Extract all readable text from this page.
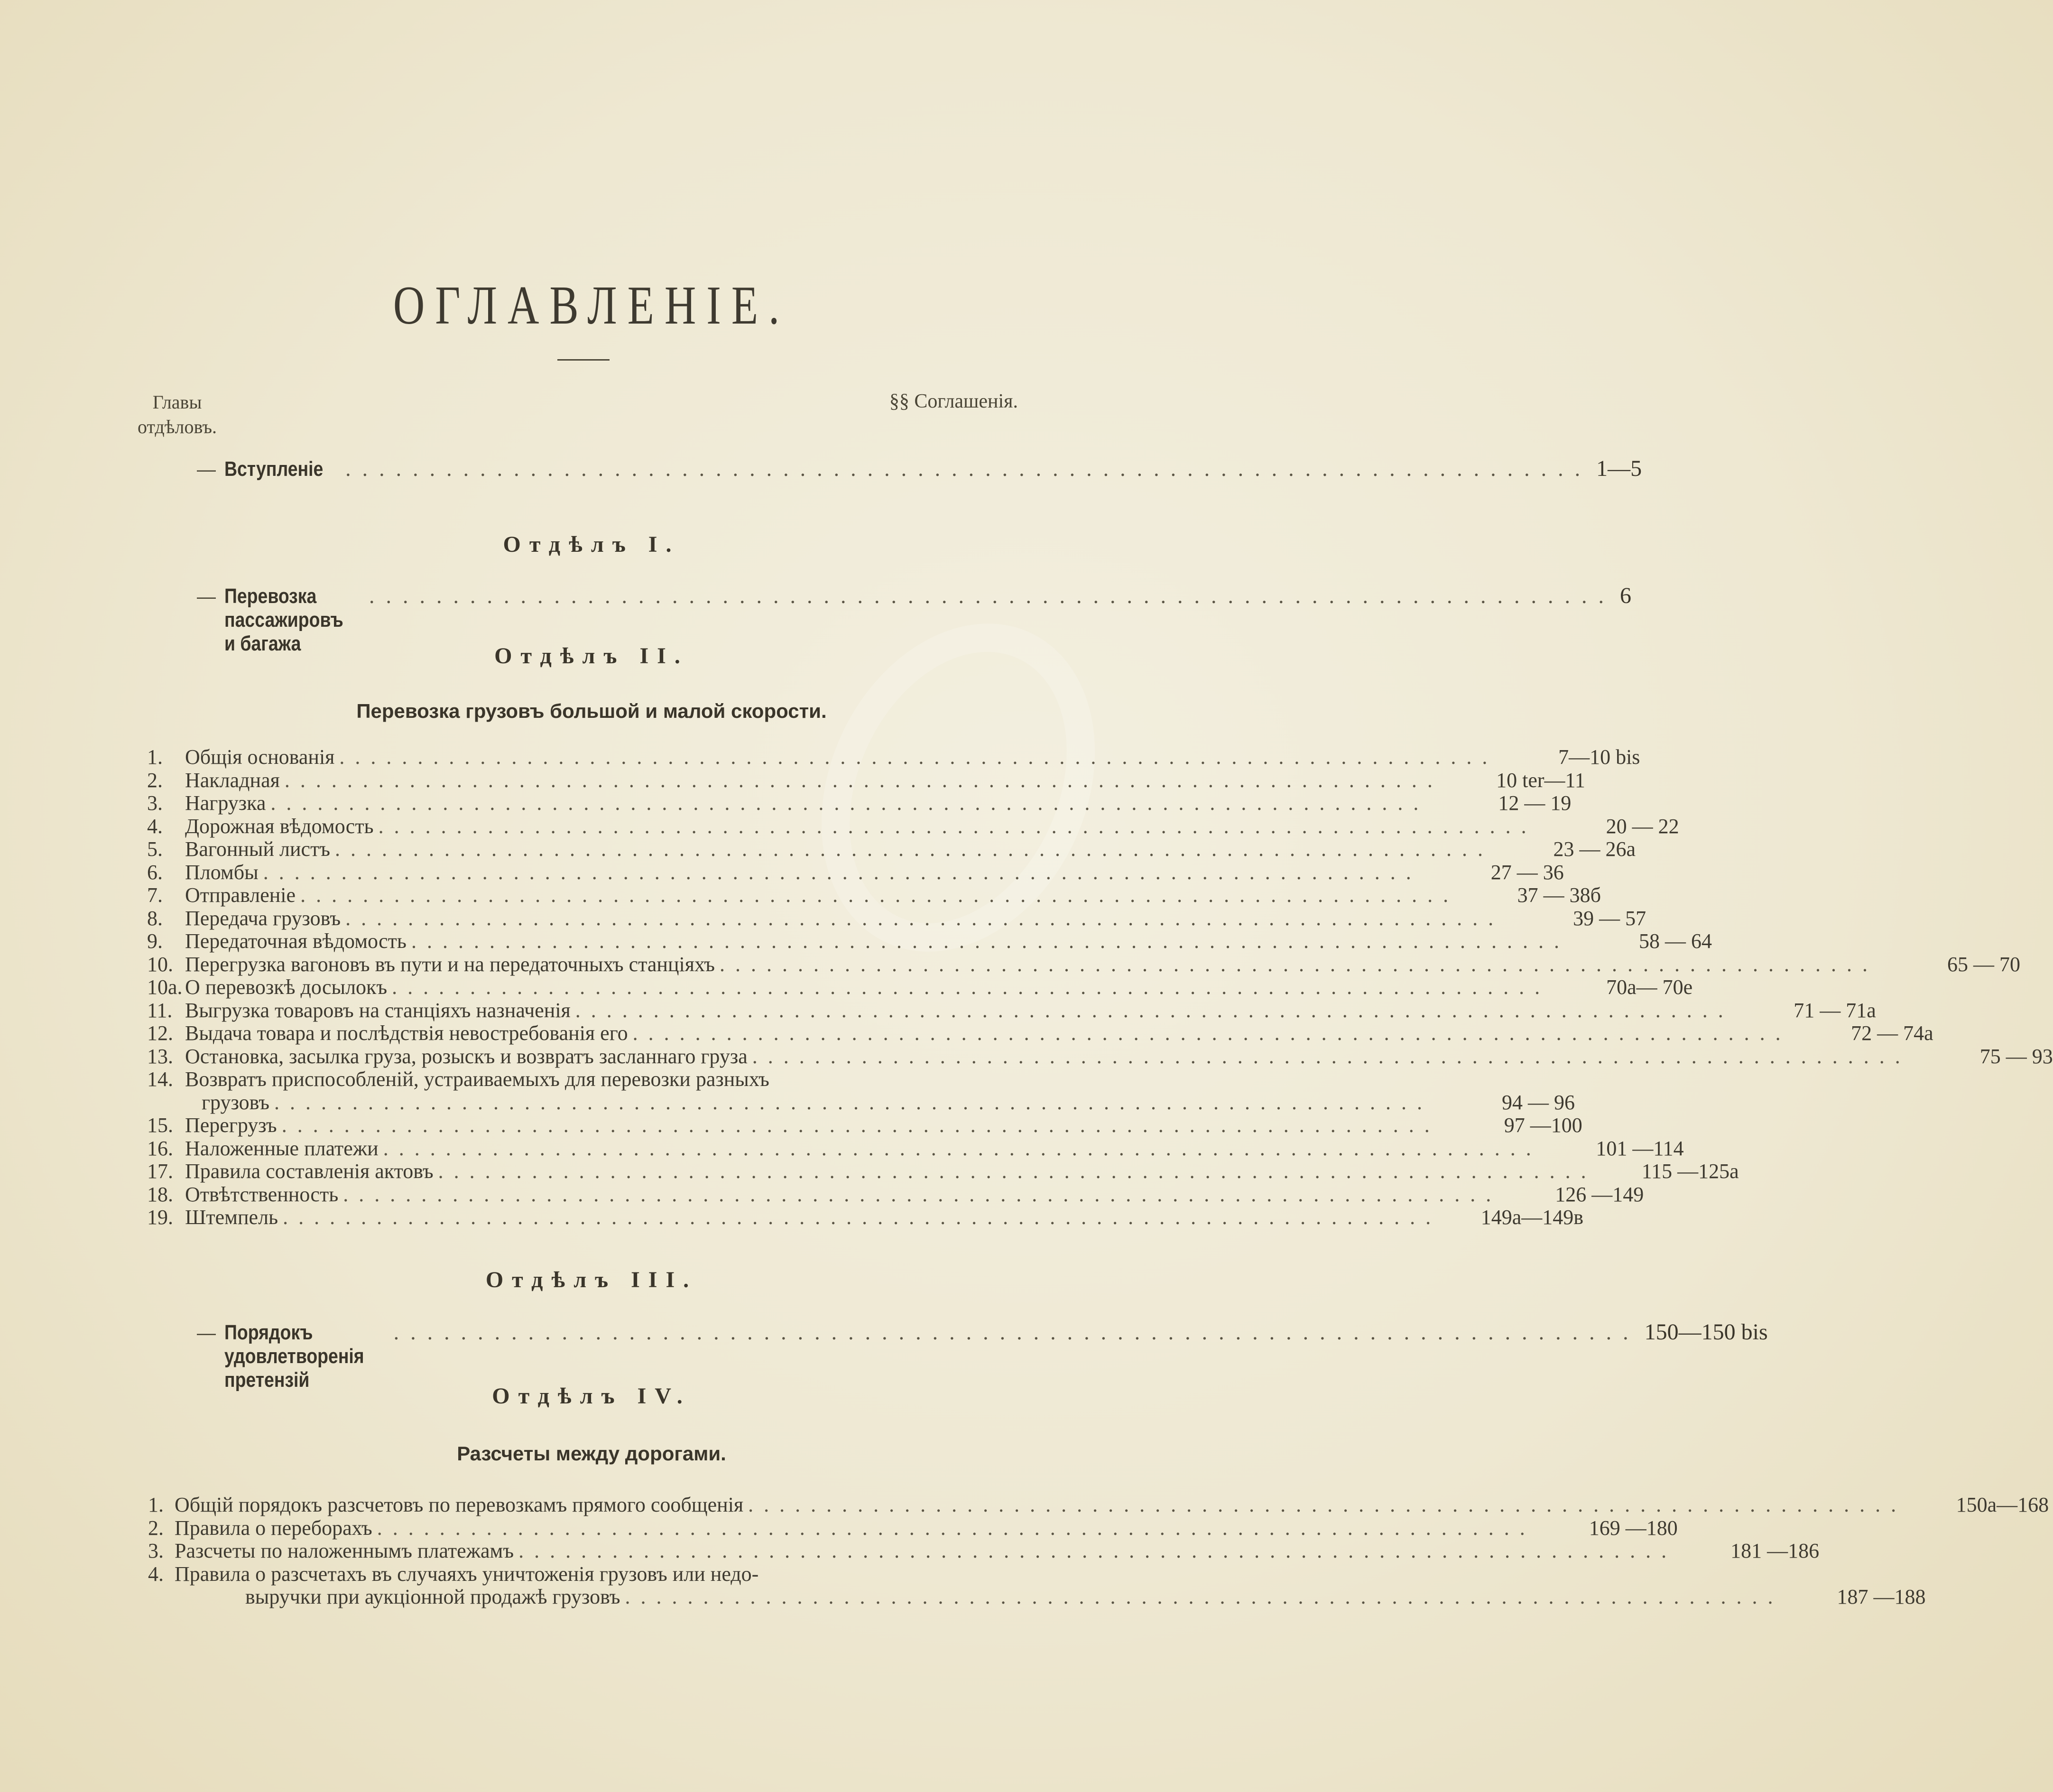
ОГЛАВЛЕНІЕ.
Главы
отдѣловъ.
§§ Соглашенія.
— Вступленіе .......................................................................... 1—5
Отдѣлъ I.
— Перевозка пассажировъ и багажа
.......................................................................... 6
Отдѣлъ II.
Перевозка грузовъ большой и малой скорости.
1.	Общія основанія ..........................................................................	7—10 bis
2.	Накладная ..........................................................................	10 ter—11
3.	Нагрузка ..........................................................................	12 — 19
4.	Дорожная вѣдомость ..........................................................................	20 — 22
5.	Вагонный листъ ..........................................................................	23 — 26а
6.	Пломбы ..........................................................................	27 — 36
7.	Отправленіе ..........................................................................	37 — 38б
8.	Передача грузовъ ..........................................................................	39 — 57
9.	Передаточная вѣдомость ..........................................................................	58 — 64
10. Перегрузка вагоновъ въ пути и на передаточныхъ станціяхъ ..........................................................................	65 — 70
10а. О перевозкѣ досылокъ ..........................................................................	70а— 70е
11. Выгрузка товаровъ на станціяхъ назначенія ..........................................................................	71 — 71а
12. Выдача товара и послѣдствія невостребованія его ..........................................................................	72 — 74а
13. Остановка, засылка груза, розыскъ и возвратъ засланнаго груза ..........................................................................	75 — 93
14. Возвратъ приспособленій, устраиваемыхъ для перевозки разныхъ
грузовъ ..........................................................................	94 — 96
15. Перегрузъ ..........................................................................	97 —100
16. Наложенные платежи ..........................................................................	101 —114
17. Правила составленія актовъ ..........................................................................	115 —125а
18. Отвѣтственность ..........................................................................	126 —149
19. Штемпель ..........................................................................	149а—149в
Отдѣлъ III.
— Порядокъ удовлетворенія претензій
.......................................................................... 150—150 bis
Отдѣлъ IV.
Разсчеты между дорогами.
1. Общій порядокъ разсчетовъ по перевозкамъ прямого сообщенія ..........................................................................	150а—168
2. Правила о переборахъ ..........................................................................	169 —180
3. Разсчеты по наложеннымъ платежамъ ..........................................................................	181 —186
4. Правила о разсчетахъ въ случаяхъ уничтоженія грузовъ или недо-
выручки при аукціонной продажѣ грузовъ ..........................................................................	187 —188
